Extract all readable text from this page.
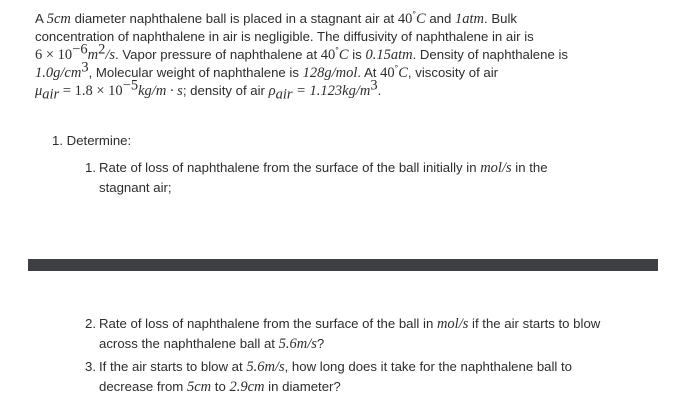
A 5cm diameter naphthalene ball is placed in a stagnant air at 40°C and 1atm. Bulk
concentration of naphthalene in air is negligible. The diffusivity of naphthalene in air is
$6 \times 10^{-6}m^2/s$. Vapor pressure of naphthalene at 40°C is 0.15atm. Density of naphthalene is
$1.0g/cm^3$, Molecular weight of naphthalene is 128g/mol. At 40°C, viscosity of air
$\mu_{air} = 1.8 \times 10^{-5}kg/m \cdot s$; density of air $\rho_{air} = 1.123kg/m^3$.
1. Determine:
1. Rate of loss of naphthalene from the surface of the ball initially in mol/s in the
stagnant air;
2. Rate of loss of naphthalene from the surface of the ball in mol/s if the air starts to blow
across the naphthalene ball at 5.6m/s?
3. If the air starts to blow at 5.6m/s, how long does it take for the naphthalene ball to
decrease from 5cm to 2.9cm in diameter?
